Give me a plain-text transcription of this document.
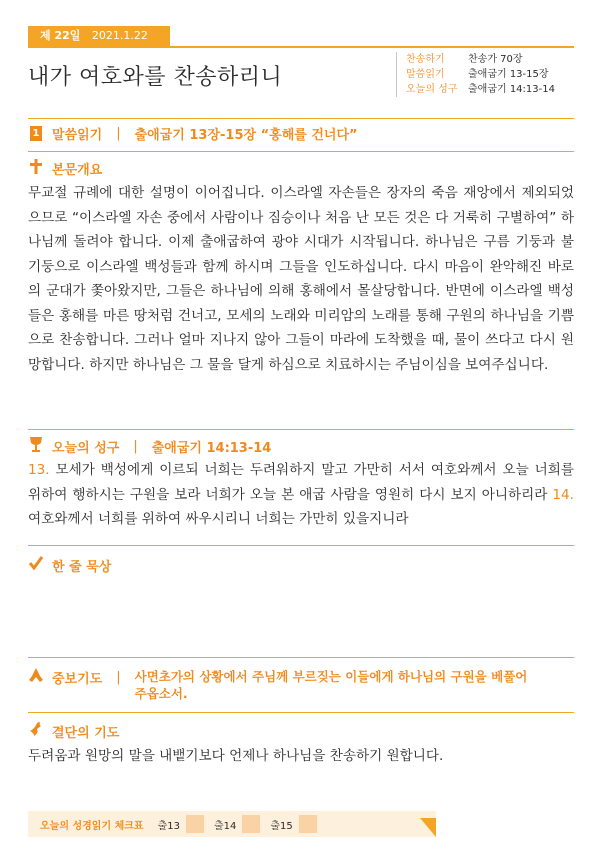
제 22일 2021.1.22
내가 여호와를 찬송하리니
찬송하기 찬송가 70장
말씀읽기 출애굽기 13-15장
오늘의 성구 출애굽기 14:13-14
1 말씀읽기 | 출애굽기 13장-15장 “홍해를 건너다”
본문개요

무교절 규례에 대한 설명이 이어집니다. 이스라엘 자손들은 장자의 죽음 재앙에서 제외되었으므로 “이스라엘 자손 중에서 사람이나 짐승이나 처음 난 모든 것은 다 거룩히 구별하여” 하나님께 돌려야 합니다. 이제 출애굽하여 광야 시대가 시작됩니다. 하나님은 구름 기둥과 불 기둥으로 이스라엘 백성들과 함께 하시며 그들을 인도하십니다. 다시 마음이 완악해진 바로의 군대가 쫓아왔지만, 그들은 하나님에 의해 홍해에서 몰살당합니다. 반면에 이스라엘 백성들은 홍해를 마른 땅처럼 건너고, 모세의 노래와 미리암의 노래를 통해 구원의 하나님을 기쁨으로 찬송합니다. 그러나 얼마 지나지 않아 그들이 마라에 도착했을 때, 물이 쓰다고 다시 원망합니다. 하지만 하나님은 그 물을 달게 하심으로 치료하시는 주님이심을 보여주십니다.

오늘의 성구 | 출애굽기 14:13-14

13. 모세가 백성에게 이르되 너희는 두려워하지 말고 가만히 서서 여호와께서 오늘 너희를 위하여 행하시는 구원을 보라 너희가 오늘 본 애굽 사람을 영원히 다시 보지 아니하리라 14. 여호와께서 너희를 위하여 싸우시리니 너희는 가만히 있을지니라

한 줄 묵상
중보기도 | 사면초가의 상황에서 주님께 부르짖는 이들에게 하나님의 구원을 베풀어 주옵소서.

결단의 기도

두려움과 원망의 말을 내뱉기보다 언제나 하나님을 찬송하기 원합니다.

오늘의 성경읽기 체크표 출13	출14	출15
